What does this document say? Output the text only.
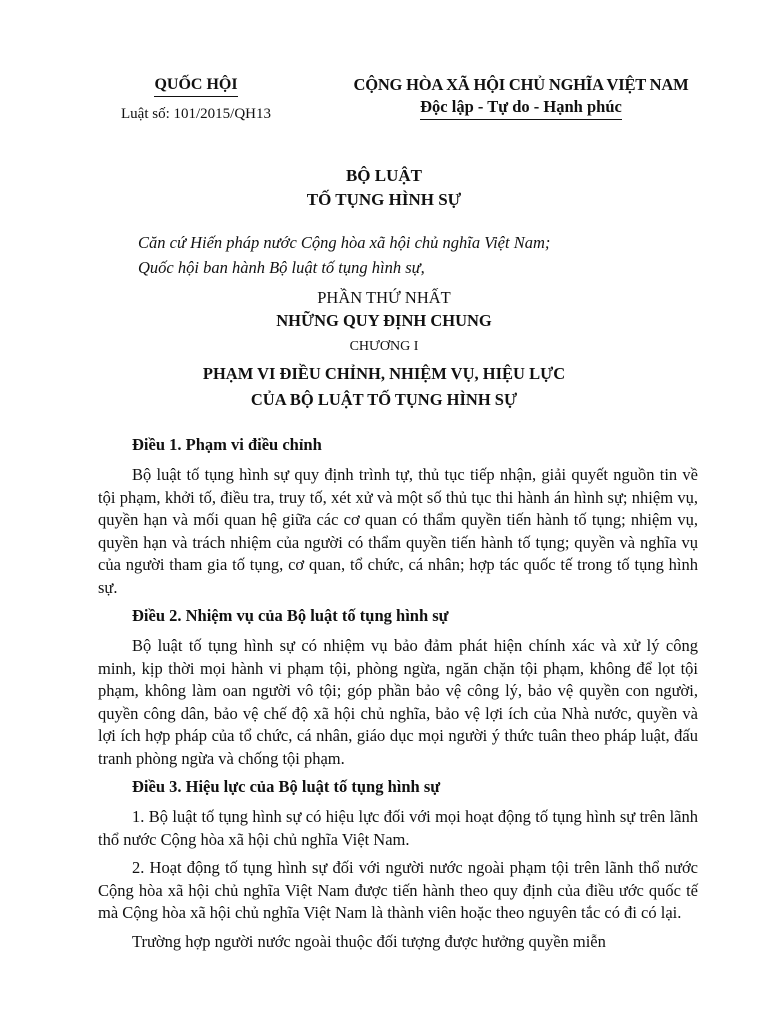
QUỐC HỘI
Luật số: 101/2015/QH13
CỘNG HÒA XÃ HỘI CHỦ NGHĨA VIỆT NAM
Độc lập - Tự do - Hạnh phúc
BỘ LUẬT
TỐ TỤNG HÌNH SỰ
Căn cứ Hiến pháp nước Cộng hòa xã hội chủ nghĩa Việt Nam;
Quốc hội ban hành Bộ luật tố tụng hình sự,
PHẦN THỨ NHẤT
NHỮNG QUY ĐỊNH CHUNG
CHƯƠNG I
PHẠM VI ĐIỀU CHỈNH, NHIỆM VỤ, HIỆU LỰC
CỦA BỘ LUẬT TỐ TỤNG HÌNH SỰ
Điều 1. Phạm vi điều chỉnh

Bộ luật tố tụng hình sự quy định trình tự, thủ tục tiếp nhận, giải quyết nguồn tin về tội phạm, khởi tố, điều tra, truy tố, xét xử và một số thủ tục thi hành án hình sự; nhiệm vụ, quyền hạn và mối quan hệ giữa các cơ quan có thẩm quyền tiến hành tố tụng; nhiệm vụ, quyền hạn và trách nhiệm của người có thẩm quyền tiến hành tố tụng; quyền và nghĩa vụ của người tham gia tố tụng, cơ quan, tổ chức, cá nhân; hợp tác quốc tế trong tố tụng hình sự.

Điều 2. Nhiệm vụ của Bộ luật tố tụng hình sự

Bộ luật tố tụng hình sự có nhiệm vụ bảo đảm phát hiện chính xác và xử lý công minh, kịp thời mọi hành vi phạm tội, phòng ngừa, ngăn chặn tội phạm, không để lọt tội phạm, không làm oan người vô tội; góp phần bảo vệ công lý, bảo vệ quyền con người, quyền công dân, bảo vệ chế độ xã hội chủ nghĩa, bảo vệ lợi ích của Nhà nước, quyền và lợi ích hợp pháp của tổ chức, cá nhân, giáo dục mọi người ý thức tuân theo pháp luật, đấu tranh phòng ngừa và chống tội phạm.

Điều 3. Hiệu lực của Bộ luật tố tụng hình sự

1. Bộ luật tố tụng hình sự có hiệu lực đối với mọi hoạt động tố tụng hình sự trên lãnh thổ nước Cộng hòa xã hội chủ nghĩa Việt Nam.

2. Hoạt động tố tụng hình sự đối với người nước ngoài phạm tội trên lãnh thổ nước Cộng hòa xã hội chủ nghĩa Việt Nam được tiến hành theo quy định của điều ước quốc tế mà Cộng hòa xã hội chủ nghĩa Việt Nam là thành viên hoặc theo nguyên tắc có đi có lại.

Trường hợp người nước ngoài thuộc đối tượng được hưởng quyền miễn
